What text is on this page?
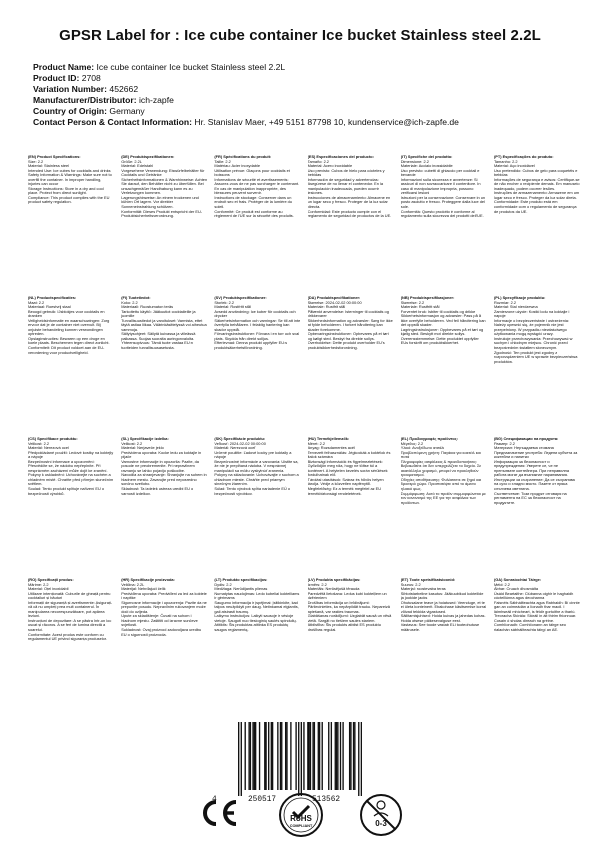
GPSR Label for : Ice cube container Ice bucket Stainless steel 2.2L
Product Name: Ice cube container Ice bucket Stainless steel 2.2L
Product ID: 2708
Variation Number: 452662
Manufacturer/Distributor: ich-zapfe
Country of Origin: Germany
Contact Person & Contact Information: Hr. Stanislav Maer, +49 5151 87798 10, kundenservice@ich-zapfe.de
(EN) Product Specifications:
Size: 2.2
Material: Stainless steel
Intended Use: Ice cubes for cocktails and drinks
Safety Information & Warnings: Make sure not to overfill the container. In improper handling, injuries can occur
Storage Instructions: Store in a dry and cool place. Protect from direct sunlight.
Compliance: This product complies with the EU product safety regulation.
(DE) Produktspezifikationen:
Größe: 2.2L
Material: Edelstahl
Vorgesehene Verwendung: Eiswürfelbehälter für Cocktails und Getränke
Sicherheitsinformationen & Warnhinweise: Achten Sie darauf, den Behälter nicht zu überfüllen. Bei unsachgemäßer Handhabung kann es zu Verletzungen kommen.
Lagerungshinweise: An einem trockenen und kühlen Ort lagern. Vor direkter Sonneneinstrahlung schützen.
Konformität: Dieses Produkt entspricht der EU-Produktsicherheitsverordnung.
(FR) Spécifications du produit:
Taille: 2.2
Matériau: Acier inoxydable
Utilisation prévue: Glaçons pour cocktails et boissons
Informations de sécurité et avertissements: Assurez-vous de ne pas surcharger le contenant. En cas de manipulation inappropriée, des blessures peuvent survenir.
Instructions de stockage: Conserver dans un endroit sec et frais. Protéger de la lumière du soleil.
Conformité: Ce produit est conforme au règlement de l'UE sur la sécurité des produits.
(ES) Especificaciones del producto:
Tamaño: 2.2
Material: Acero inoxidable
Uso previsto: Cubos de hielo para cócteles y bebidas
Información de seguridad y advertencias: Asegúrese de no llenar el contenedor. En la manipulación inadecuada, pueden ocurrir lesiones.
Instrucciones de almacenamiento: Almacene en un lugar seco y fresco. Proteger de la luz solar directa.
Conformidad: Este producto cumple con el reglamento de seguridad de productos de la UE.
(IT) Specifiche del prodotto:
Dimensione: 2.2
Materiale: Acciaio inossidabile
Uso previsto: cubetti di ghiaccio per cocktail e bevande
Informazioni sulla sicurezza e avvertenze: Si assicuri di non sovraccaricare il contenitore. In caso di manipolazione impropria, possono verificarsi lesioni
Istruzioni per la conservazione: Conservare in un posto asciutto e fresco. Proteggere dalla luce del sole.
Conformità: Questo prodotto è conforme al regolamento sulla sicurezza dei prodotti dell'UE.
(PT) Especificações do produto:
Tamanho: 2.2
Material: Aço inoxidável
Uso pretendido: Cubos de gelo para coquetéis e bebidas
Informações de segurança e avisos: Certifique-se de não encher o recipiente demais. Em manuseio inadequado, podem ocorrer lesões.
Instruções de armazenamento: Armazene em um lugar seco e fresco. Proteger da luz solar direta.
Conformidade: Este produto está em conformidade com o regulamento de segurança de produtos da UE.
(NL) Productspecificaties:
Maat: 2.2
Materiaal: Roestvrij staal
Beoogd gebruik: IJsblokjes voor cocktails en dranken
Veiligheidsinformatie en waarschuwingen: Zorg ervoor dat je de container niet overvult. Bij onjuiste behandeling kunnen verwondingen optreden.
Opslaginstructies: Bewaren op een droge en koele plaats. Beschermen tegen direct zonlicht.
Conformiteit: Dit product voldoet aan de EU-verordening voor productveiligheid.
(FI) Tuotetiedot:
Koko: 2.2
Materiaali: Ruostumaton teräs
Tarkoitettu käyttö: Jääkuutiot cocktaileille ja juomille
Turvallisuustiedot ja varoitukset: Varmista, ettet täytä astiaa liikaa. Väärinkäsittelyssä voi aiheutua vammoja.
Säilytysohjeet: Säilytä kuivassa ja viileässä paikassa. Suojaa suoralta auringonvalolta.
Yhteensopivuus: Tämä tuote vastaa EU:n tuotteiden turvallisuusasetusta.
(SV) Produktspecifikationer:
Storlek: 2.2
Material: Rostfritt stål
Avsedd användning: Ice kuber för cocktails och drycker
Säkerhetsinformation och varningar: Se till att inte överfylla behållaren. I felaktig hantering kan skador uppstå.
Förvaringsinstruktioner: Förvara i en torr och sval plats. Skydda från direkt solljus.
Efterlevnad: Denna produkt uppfyller EU:s produktsäkerhetsförordning.
(DA) Produktspecifikationer:
Størrelse: 2024-02-02 00:00:00
Materiale: Rustfrit stål
Påtænkt anvendelse: Isterninger til cocktails og drikkevarer
Sikkerhedsinformation og advarsler: Sørg for ikke at fylde beholderen. I forkert håndtering kan skader forekomme.
Opbevaringsinstruktioner: Opbevares på et tørt og køligt sted. Beskyt fra direkte sollys.
Overholdelse: Dette produkt overholder EU's produktsikkerhedsforordning.
(NB) Produktspesifikasjoner:
Størrelse: 2.2
Materiale: Rustfritt stål
Forventet bruk: Isbiter til cocktails og drikke
Sikkerhetsinformasjon og advarsler: Pass på å ikke overfylle beholderen. Ved feil håndtering kan det oppstå skader.
Lagringsinstruksjoner: Oppbevares på et tørt og kjølig sted. Beskytt mot direkte sollys.
Overensstemmelse: Dette produktet oppfyller EUs forskrift om produktsikkerhet.
(PL) Specyfikacje produktu:
Rozmiar: 2.2
Materiał: Stal nierdzewna
Zamierzone użycie: Kostki lodu na koktajle i napoje
Informacje o bezpieczeństwie i ostrzeżenia: Należy upewnić się, że pojemnik nie jest przepełniony. W przypadku niewłaściwego użytkowania mogą wystąpić urazy.
Instrukcje przechowywania: Przechowywać w suchym i chłodnym miejscu. Chronić przed bezpośrednim światłem słonecznym.
Zgodność: Ten produkt jest zgodny z rozporządzeniem UE w sprawie bezpieczeństwa produktów.
(CS) Specifikace produktu:
Velikost: 2.2
Materiál: Nerezová ocel
Předpokládané použití: Ledové kostky na koktejly a nápoje
Bezpečnostní informace a upozornění: Přesvědčte se, že nádobu nepřeplníte. Při nesprávném zacházení může dojít ke zranění.
Pokyny k uskladnění: Uchovávejte na suchém a chladném místě. Chraňte před přímým slunečním světlem.
Soulad: Tento produkt splňuje nařízení EU o bezpečnosti výrobků.
(SL) Specifikacije izdelka:
Velikost: 2.2
Material: Nerjaveče jeklo
Predvidena uporaba: Kocke ledu za koktajle in pijače
Varnostne informacije in opozorila: Pazite, da posode ne preobremenite. Pri nepravilnem ravnanju se lahko pojavijo poškodbe.
Navodila za shranjevanje: Shranjujte na suhem in hladnem mestu. Zavarujte pred neposredno sončno svetlobo.
Skladnost: Ta izdelek ustreza uredbi EU o varnosti izdelkov.
(SK) Špecifikácie produktu:
Veľkosť: 2024-02-02 00:00:00
Materiál: Nerezová oceľ
Určené použitie: Ľadové kocky pre koktaily a nápoje
Bezpečnostné informácie a varovania: Uistite sa, že nie je prepĺňaná nádoba. V nesprávnej manipulácii sa môžu vyskytnúť zranenia.
Pokyny na skladovanie: Uchovávajte v suchom a chladnom mieste. Chráňte pred priamym slnečným žiarením.
Súlad: Tento výrobok spĺňa nariadenie EÚ o bezpečnosti výrobkov.
(HU) Termékjellemzők:
Méret: 2.2
Anyag: Rozsdamentes acél
Tervezett felhasználás: Jégkockák a koktélok és italok számára
Biztonsági információk és figyelmeztetések: Győződjön meg róla, hogy ne töltse túl a konténert. A helytelen kezelés során sérülések fordulhatnak elő.
Tárolási utasítások: Száraz és hűvös helyen tárolja. Védje a közvetlen napfénytől.
Megfelelőség: Ez a termék megfelel az EU termékbiztonsági rendeletének.
(EL) Προδιαγραφές προϊόντος:
Μέγεθος: 2.2
Υλικό: Ανοξείδωτο ατσάλι
Προβλεπόμενη χρήση: Παγάκια για κοκτέιλ και ποτά
Πληροφορίες ασφάλειας & προειδοποιήσεις: Βεβαιωθείτε ότι δεν υπερχειλίζετε το δοχείο. Σε ακατάλληλο χειρισμό, μπορεί να προκληθούν τραυματισμοί.
Οδηγίες αποθήκευσης: Φυλάσσετε σε ξηρό και δροσερό χώρο. Προστατέψτε από το άμεσο ηλιακό φως.
Συμμόρφωση: Αυτό το προϊόν συμμορφώνεται με τον κανονισμό της ΕΕ για την ασφάλεια των προϊόντων.
(BG) Спецификации на продукта:
Размер: 2.2
Материал: Неръждаема стомана
Предназначение употреба: Ледени кубчета за коктейли и напитки
Информация за безопасност и предупреждения: Уверете се, че не препълвате контейнера. При неправилна работа могат да възникнат наранявания.
Инструкции за съхранение: Да се съхранява на сухо и хладно място. Пазете от пряка слънчева светлина.
Съответствие: Този продукт отговаря на регламента на ЕС за безопасност на продуктите.
(RO) Specificații produs:
Mărime: 2.2
Material: Oțel inoxidabil
Utilizare intenționată: Cuburile de gheață pentru cocktailuri și băuturi
Informații de siguranță și avertismente: Asigurați-vă că nu umpleți prea mult containerul. În manipularea necorespunzătoare, pot apărea leziuni.
Instrucțiuni de depozitare: A se păstra într-un loc uscat și răcoros. A se feri de lumina directă a soarelui.
Conformitate: Acest produs este conform cu regulamentul UE privind siguranța produselor.
(HR) Specifikacije proizvoda:
Veličina: 2.2L
Materijal: Nehrđajući čelik
Predviđena uporaba: Predviđeni za led za koktele i napitke
Sigurnosne informacije i upozorenja: Pazite da ne prepunite posudu. Nepravilnim rukovanjem može doći do ozljeda.
Upute za skladištenje: Čuvati na suhom i hladnom mjestu. Zaštititi od izravne sunčeve svjetlosti.
Sukladnost: Ovaj proizvod zadovoljava uredbu EU o sigurnosti proizvoda.
(LT) Produkto specifikacijos:
Dydis: 2.2
Medžiaga: Nerūdijantis plienas
Numatytas naudojimas: Ledo kubeliai kokteiliams ir gėrimams
Saugumo informacija ir įspėjimai: Įsitikinkite, kad talpos neužpildyti per daug. Netinkamai elgiantis, gali atsirasti traumų.
Laikymo instrukcijos: Laikyti sausoje ir vėsioje vietoje. Saugoti nuo tiesioginių saulės spindulių.
Atitiktis: Šis produktas atitinka ES produktų saugos reglamentą.
(LV) Produkta specifikācijas:
Izmērs: 2.2
Materiāls: Nerūsējošā tērauda
Paredzētā lietošana: Ledus kubi kokteiļiem un dzērieniem
Drošības informācija un brīdinājumi: Pārliecinieties, ka nepārpildāt trauku. Nepareizā apiešanā, var rasties traumas.
Glabāšanas norādījumi: Uzglabāt sausā un vēsā vietā. Sargāt no tiešiem saules stariem.
Atbilstība: Šis produkts atbilst ES produktu drošības regulai.
(ET) Toote spetsifikatsioonid:
Suurus: 2.2
Materjal: roostevaba teras
Sihtotstarbeline kasutus: Jääkuubikud kokteilide ja jookide jaoks
Ohutusalane teave ja hoiatused: Veenduge, et te ei ületa konteinerit. Ebakohase käsitsemise korral võivad tekkida vigastused.
Säilitamisjuhised: Hoida kuivas ja jahedas kohas. Hoida otsese päikesevalguse eest.
Vastavus: See toode vastab ELi tooteohutuse määrusele.
(GA) Sonraíochtaí Táirge:
Méid: 2.2
Ábhar: Cruach dhosmálta
Úsáid Beartaithe: Ciúbanna oighir le haghaidh cócteiliúnna agus deochanna
Faisnéis Sábháilteachta agus Rabhaidh: Bí cinnte gan an coimeádán a líonadh thar maoil. I láimhseáil mhícheart, is féidir gortuithe a tharlú.
Treoracha Stórála: Stóráil in áit thirim fhionnuar. Cosain ó sholas díreach na gréine.
Comhlíonadh: Comhlíonann an táirge seo rialachán sábháilteachta táirgí an AE.
4	250517	513562
RoHS
COMPLIANT	0-3
